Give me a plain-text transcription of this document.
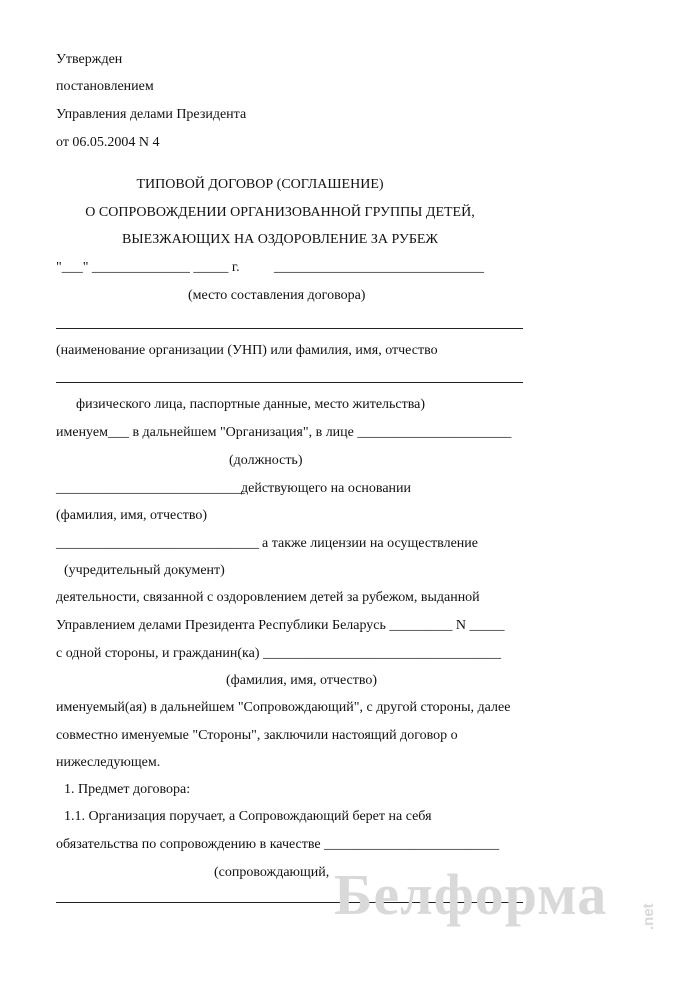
Утвержден
постановлением
Управления делами Президента
от 06.05.2004 N 4
ТИПОВОЙ ДОГОВОР (СОГЛАШЕНИЕ)
О СОПРОВОЖДЕНИИ ОРГАНИЗОВАННОЙ ГРУППЫ ДЕТЕЙ,
ВЫЕЗЖАЮЩИХ НА ОЗДОРОВЛЕНИЕ ЗА РУБЕЖ
"___" ______________ _____ г. ______________________________
(место составления договора)
(наименование организации (УНП) или фамилия, имя, отчество
физического лица, паспортные данные, место жительства)
именуем___ в дальнейшем "Организация", в лице ______________________
(должность)
___________________________
действующего на основании
(фамилия, имя, отчество)
_____________________________ а также лицензии на осуществление
(учредительный документ)
деятельности, связанной с оздоровлением детей за рубежом, выданной
Управлением делами Президента Республики Беларусь _________ N _____
с одной стороны, и гражданин(ка) __________________________________
(фамилия, имя, отчество)
именуемый(ая) в дальнейшем "Сопровождающий", с другой стороны, далее
совместно именуемые "Стороны", заключили настоящий договор о
нижеследующем.
1. Предмет договора:
1.1. Организация поручает, а Сопровождающий берет на себя
обязательства по сопровождению в качестве _________________________
(сопровождающий, Белформа .net
